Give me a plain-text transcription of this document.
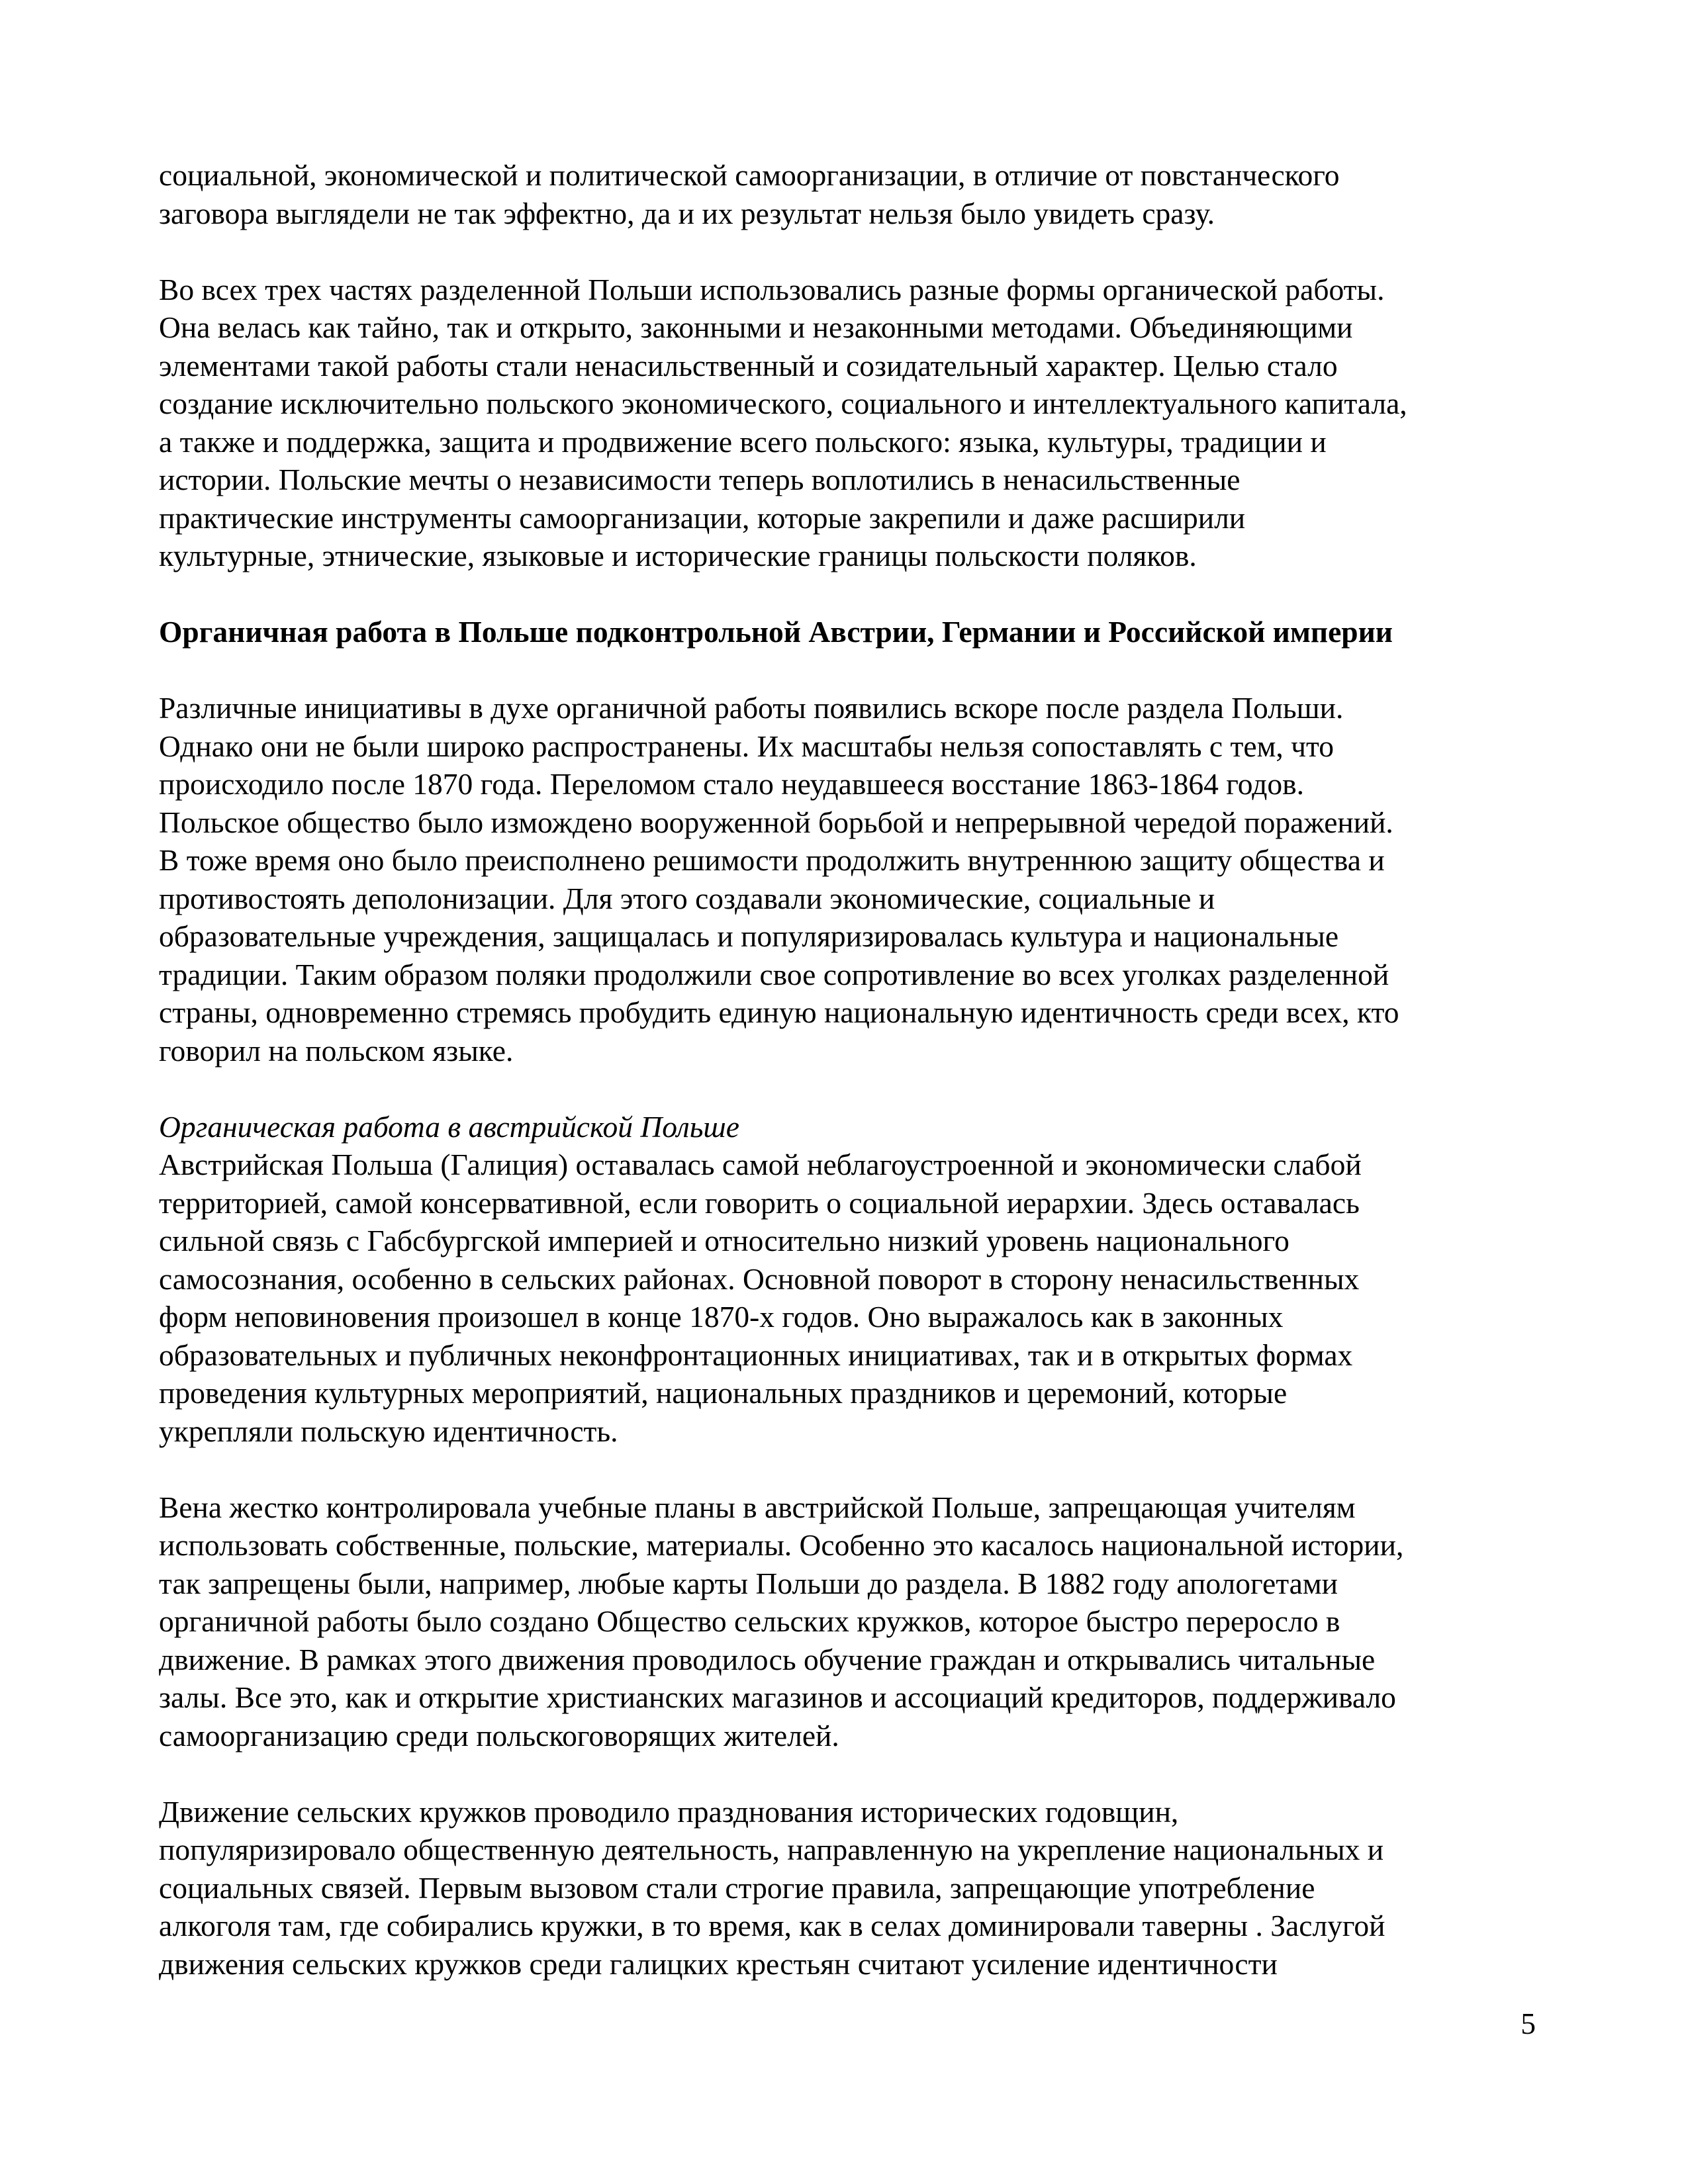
социальной, экономической и политической самоорганизации, в отличие от повстанческого
заговора выглядели не так эффектно, да и их результат нельзя было увидеть сразу.

Во всех трех частях разделенной Польши использовались разные формы органической работы.
Она велась как тайно, так и открыто, законными и незаконными методами. Объединяющими
элементами такой работы стали ненасильственный и созидательный характер. Целью стало
создание исключительно польского экономического, социального и интеллектуального капитала,
а также и поддержка, защита и продвижение всего польского: языка, культуры, традиции и
истории. Польские мечты о независимости теперь воплотились в ненасильственные
практические инструменты самоорганизации, которые закрепили и даже расширили
культурные, этнические, языковые и исторические границы польскости поляков.

Органичная работа в Польше подконтрольной Австрии, Германии и Российской империи

Различные инициативы в духе органичной работы появились вскоре после раздела Польши.
Однако они не были широко распространены. Их масштабы нельзя сопоставлять с тем, что
происходило после 1870 года. Переломом стало неудавшееся восстание 1863-1864 годов.
Польское общество было измождено вооруженной борьбой и непрерывной чередой поражений.
В тоже время оно было преисполнено решимости продолжить внутреннюю защиту общества и
противостоять деполонизации. Для этого создавали экономические, социальные и
образовательные учреждения, защищалась и популяризировалась культура и национальные
традиции. Таким образом поляки продолжили свое сопротивление во всех уголках разделенной
страны, одновременно стремясь пробудить единую национальную идентичность среди всех, кто
говорил на польском языке.

Органическая работа в австрийской Польше

Австрийская Польша (Галиция) оставалась самой неблагоустроенной и экономически слабой
территорией, самой консервативной, если говорить о социальной иерархии. Здесь оставалась
сильной связь с Габсбургской империей и относительно низкий уровень национального
самосознания, особенно в сельских районах. Основной поворот в сторону ненасильственных
форм неповиновения произошел в конце 1870-х годов. Оно выражалось как в законных
образовательных и публичных неконфронтационных инициативах, так и в открытых формах
проведения культурных мероприятий, национальных праздников и церемоний, которые
укрепляли польскую идентичность.

Вена жестко контролировала учебные планы в австрийской Польше, запрещающая учителям
использовать собственные, польские, материалы. Особенно это касалось национальной истории,
так запрещены были, например, любые карты Польши до раздела. В 1882 году апологетами
органичной работы было создано Общество сельских кружков, которое быстро переросло в
движение. В рамках этого движения проводилось обучение граждан и открывались читальные
залы. Все это, как и открытие христианских магазинов и ассоциаций кредиторов, поддерживало
самоорганизацию среди польскоговорящих жителей.

Движение сельских кружков проводило празднования исторических годовщин,
популяризировало общественную деятельность, направленную на укрепление национальных и
социальных связей. Первым вызовом стали строгие правила, запрещающие употребление
алкоголя там, где собирались кружки, в то время, как в селах доминировали таверны . Заслугой
движения сельских кружков среди галицких крестьян считают усиление идентичности

5
